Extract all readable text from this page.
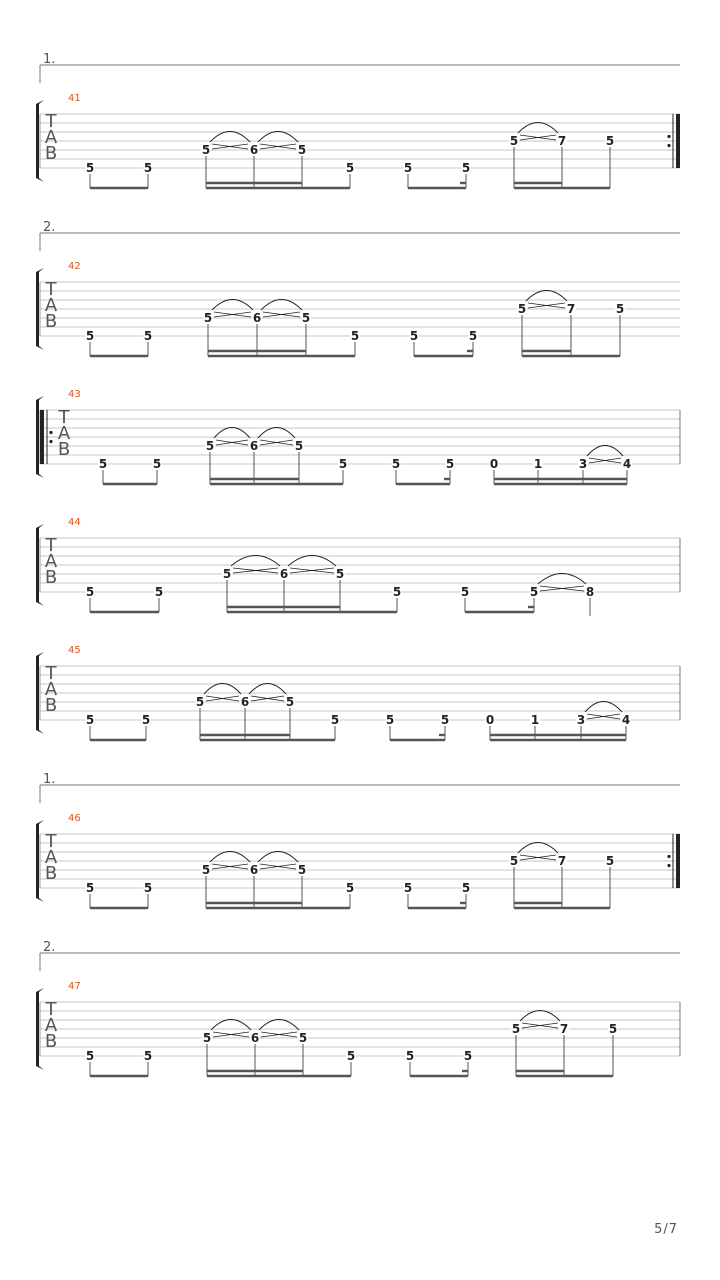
1.
41
T
A
B
5	5
5	6	5
5	5	5
5	7	5
2.
42
T
A
B
5	5
5	6	5
5	5	5
5	7	5
43
T
A
B
5	5
5	6	5
5	5	5	0	1	3	4
44
T
A
B
5	5
5	6	5
5	5	5	8
45
T
A
B
5	5
5	6	5
5	5	5	0	1	3	4
1.
46
T
A
B
5	5
5	6	5
5	5	5
5	7	5
2.
47
T
A
B
5	5
5	6	5
5	5	5
5	7	5
5/7
